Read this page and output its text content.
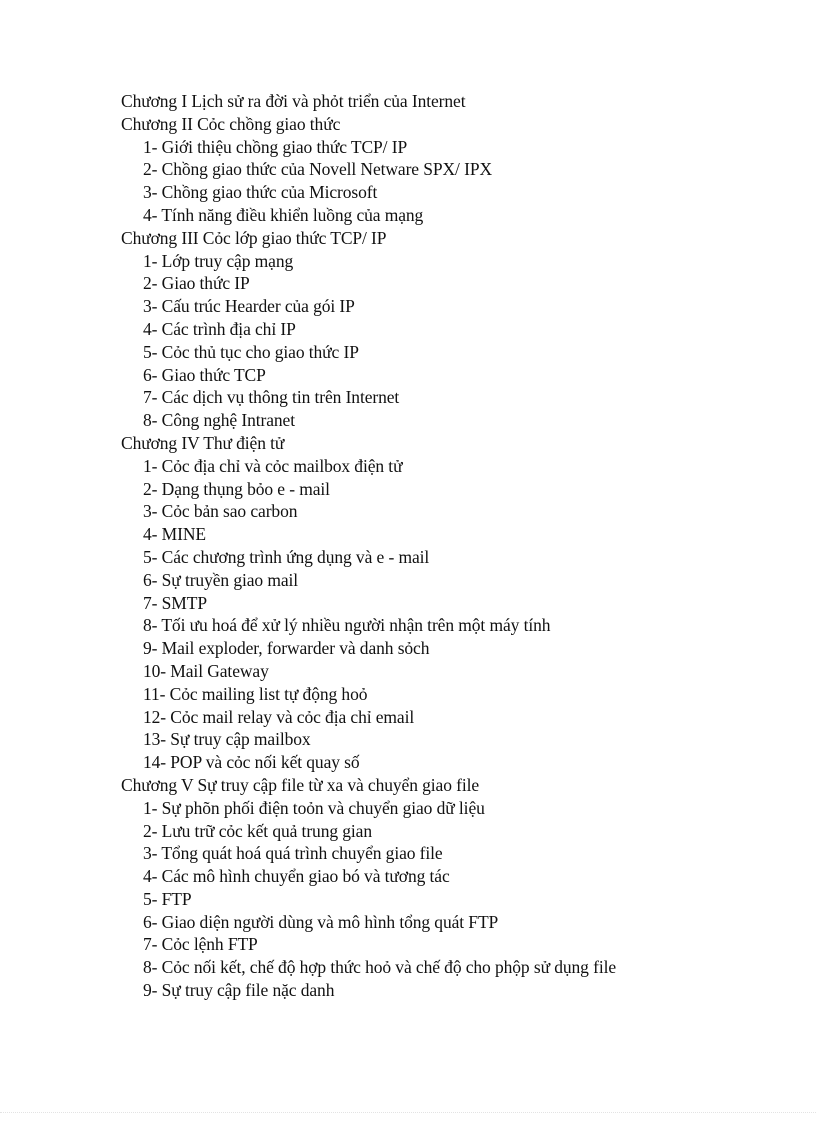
Chương I Lịch sử ra đời và phỏt triển của Internet
Chương II Cỏc chồng giao thức
1- Giới thiệu chồng giao thức TCP/ IP
2- Chồng giao thức của Novell Netware SPX/ IPX
3- Chồng giao thức của Microsoft
4- Tính năng điều khiển luồng của mạng
Chương III Cỏc lớp giao thức TCP/ IP
1- Lớp truy cập mạng
2- Giao thức IP
3- Cấu trúc Hearder của gói IP
4- Các trình địa chỉ IP
5- Cỏc thủ tục cho giao thức IP
6- Giao thức TCP
7- Các dịch vụ thông tin trên Internet
8- Công nghệ Intranet
Chương IV Thư điện tử
1- Cỏc địa chỉ và cỏc mailbox điện tử
2- Dạng thụng bỏo e - mail
3- Cỏc bản sao carbon
4- MINE
5- Các chương trình ứng dụng và e - mail
6- Sự truyền giao mail
7- SMTP
8- Tối ưu hoá để xử lý nhiều người nhận trên một máy tính
9- Mail exploder, forwarder và danh sỏch
10- Mail Gateway
11- Cỏc mailing list tự động hoỏ
12- Cỏc mail relay và cỏc địa chỉ email
13- Sự truy cập mailbox
14- POP và cỏc nối kết quay số
Chương V Sự truy cập file từ xa và chuyển giao file
1- Sự phõn phối điện toỏn và chuyển giao dữ liệu
2- Lưu trữ cỏc kết quả trung gian
3- Tổng quát hoá quá trình chuyển giao file
4- Các mô hình chuyển giao bó và tương tác
5- FTP
6- Giao diện người dùng và mô hình tổng quát FTP
7- Cỏc lệnh FTP
8- Cỏc nối kết, chế độ hợp thức hoỏ và chế độ cho phộp sử dụng file
9- Sự truy cập file nặc danh
